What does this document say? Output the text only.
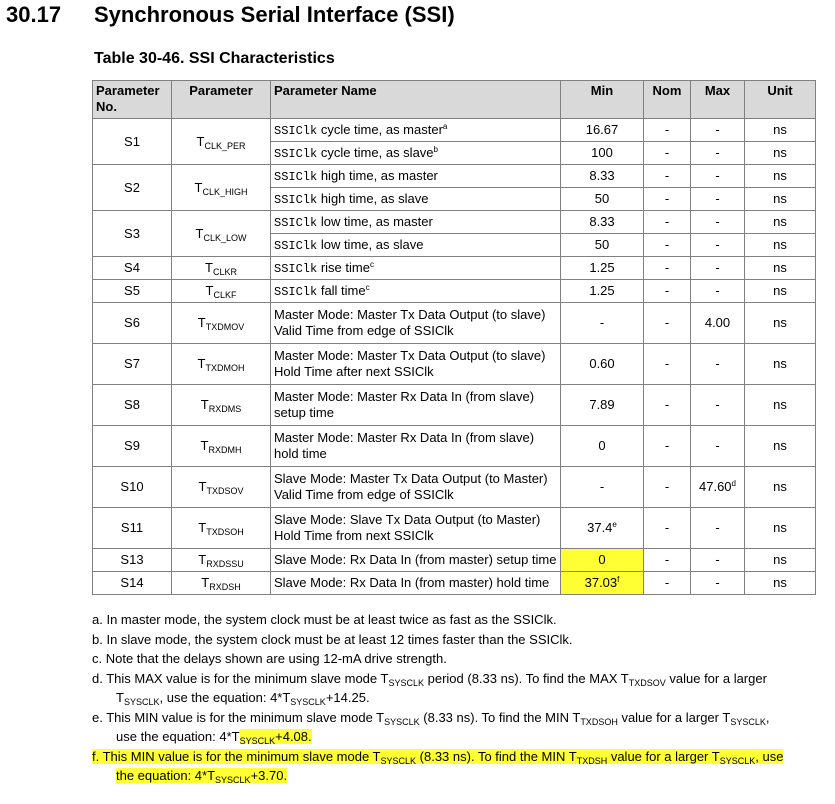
30.17 Synchronous Serial Interface (SSI)
Table 30-46. SSI Characteristics
Parameter No.	Parameter	Parameter Name	Min	Nom	Max	Unit
S1	$T_{CLK\_PER}$	SSIClk cycle time, as master$^a$	16.67	-	-	ns
		SSIClk cycle time, as slave$^b$	100	-	-	ns
S2	$T_{CLK\_HIGH}$	SSIClk high time, as master	8.33	-	-	ns
		SSIClk high time, as slave	50	-	-	ns
S3	$T_{CLK\_LOW}$	SSIClk low time, as master	8.33	-	-	ns
		SSIClk low time, as slave	50	-	-	ns
S4	$T_{CLKR}$	SSIClk rise time$^c$	1.25	-	-	ns
S5	$T_{CLKF}$	SSIClk fall time$^c$	1.25	-	-	ns
S6	$T_{TXDMOV}$	Master Mode: Master Tx Data Output (to slave) Valid Time from edge of SSIClk	-	-	4.00	ns
S7	$T_{TXDMOH}$	Master Mode: Master Tx Data Output (to slave) Hold Time after next SSIClk	0.60	-	-	ns
S8	$T_{RXDMS}$	Master Mode: Master Rx Data In (from slave) setup time	7.89	-	-	ns
S9	$T_{RXDMH}$	Master Mode: Master Rx Data In (from slave) hold time	0	-	-	ns
S10	$T_{TXDSOV}$	Slave Mode: Master Tx Data Output (to Master) Valid Time from edge of SSIClk	-	-	47.60$^d$	ns
S11	$T_{TXDSOH}$	Slave Mode: Slave Tx Data Output (to Master) Hold Time from next SSIClk	37.4e	-	-	ns
S13	$T_{RXDSSU}$	Slave Mode: Rx Data In (from master) setup time	0	-	-	ns
S14	$T_{RXDSH}$	Slave Mode: Rx Data In (from master) hold time	37.03$^f$	-	-	ns
a. In master mode, the system clock must be at least twice as fast as the SSIClk.
b. In slave mode, the system clock must be at least 12 times faster than the SSIClk.
c. Note that the delays shown are using 12-mA drive strength.
d. This MAX value is for the minimum slave mode $T_{SYSCLK}$ period (8.33 ns). To find the MAX $T_{TXDSOV}$ value for a larger
$T_{SYSCLK}$, use the equation: $4*T_{SYSCLK}+14.25$.
e. This MIN value is for the minimum slave mode $T_{SYSCLK}$ (8.33 ns). To find the MIN $T_{TXDSOH}$ value for a larger $T_{SYSCLK}$,
use the equation: $4*T_{SYSCLK}+4.08$.
f. This MIN value is for the minimum slave mode $T_{SYSCLK}$ (8.33 ns). To find the MIN $T_{TXDSH}$ value for a larger $T_{SYSCLK}$, use
the equation: $4*T_{SYSCLK}+3.70$.
